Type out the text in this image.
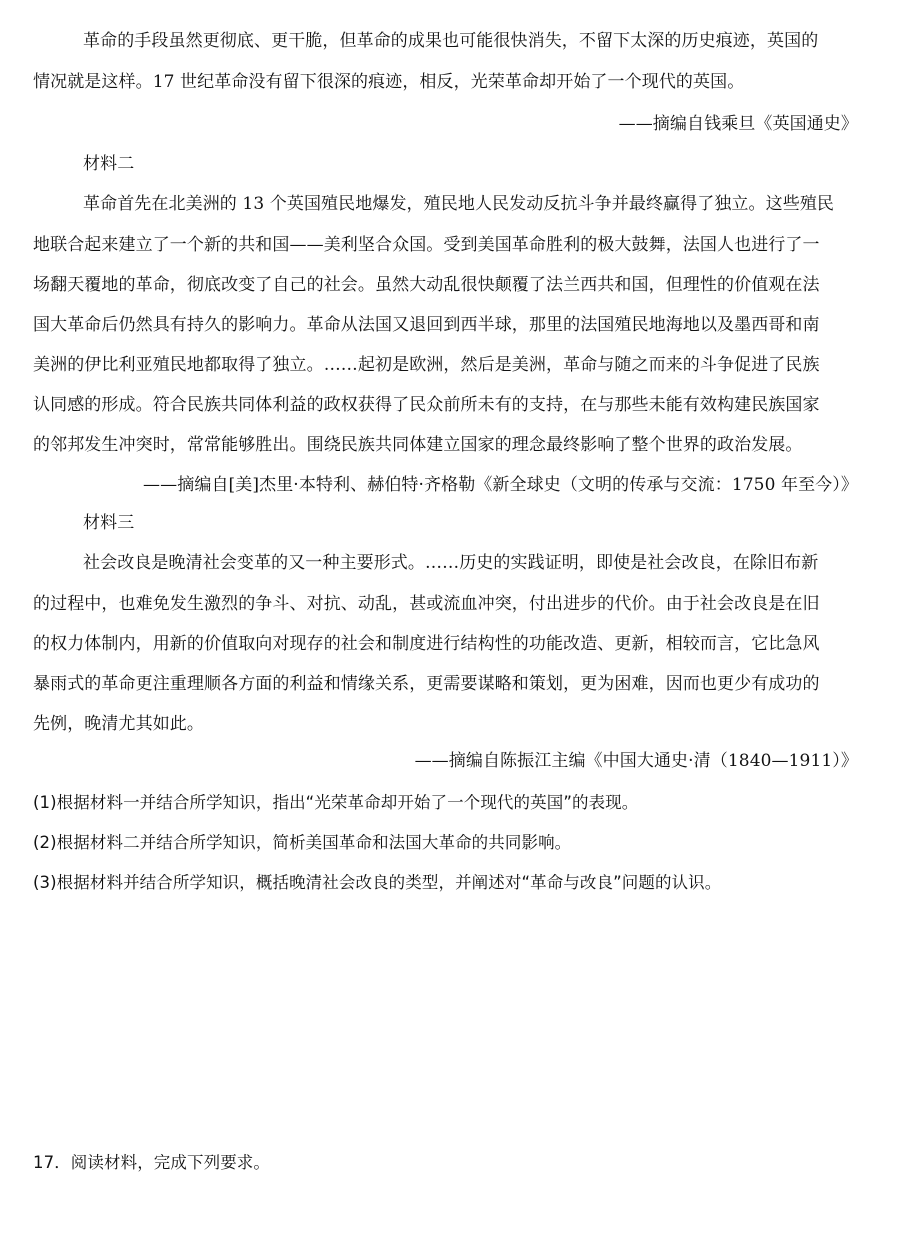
革命的手段虽然更彻底、更干脆，但革命的成果也可能很快消失，不留下太深的历史痕迹，英国的
情况就是这样。17 世纪革命没有留下很深的痕迹，相反，光荣革命却开始了一个现代的英国。
——摘编自钱乘旦《英国通史》
材料二
革命首先在北美洲的 13 个英国殖民地爆发，殖民地人民发动反抗斗争并最终赢得了独立。这些殖民
地联合起来建立了一个新的共和国——美利坚合众国。受到美国革命胜利的极大鼓舞，法国人也进行了一
场翻天覆地的革命，彻底改变了自己的社会。虽然大动乱很快颠覆了法兰西共和国，但理性的价值观在法
国大革命后仍然具有持久的影响力。革命从法国又退回到西半球，那里的法国殖民地海地以及墨西哥和南
美洲的伊比利亚殖民地都取得了独立。……起初是欧洲，然后是美洲，革命与随之而来的斗争促进了民族
认同感的形成。符合民族共同体利益的政权获得了民众前所未有的支持，在与那些未能有效构建民族国家
的邻邦发生冲突时，常常能够胜出。围绕民族共同体建立国家的理念最终影响了整个世界的政治发展。
——摘编自[美]杰里·本特利、赫伯特·齐格勒《新全球史（文明的传承与交流：1750 年至今）》
材料三
社会改良是晚清社会变革的又一种主要形式。……历史的实践证明，即使是社会改良，在除旧布新
的过程中，也难免发生激烈的争斗、对抗、动乱，甚或流血冲突，付出进步的代价。由于社会改良是在旧
的权力体制内，用新的价值取向对现存的社会和制度进行结构性的功能改造、更新，相较而言，它比急风
暴雨式的革命更注重理顺各方面的利益和情缘关系，更需要谋略和策划，更为困难，因而也更少有成功的
先例，晚清尤其如此。
——摘编自陈振江主编《中国大通史·清（1840—1911）》
(1)根据材料一并结合所学知识，指出“光荣革命却开始了一个现代的英国”的表现。
(2)根据材料二并结合所学知识，简析美国革命和法国大革命的共同影响。
(3)根据材料并结合所学知识，概括晚清社会改良的类型，并阐述对“革命与改良”问题的认识。
17．阅读材料，完成下列要求。
